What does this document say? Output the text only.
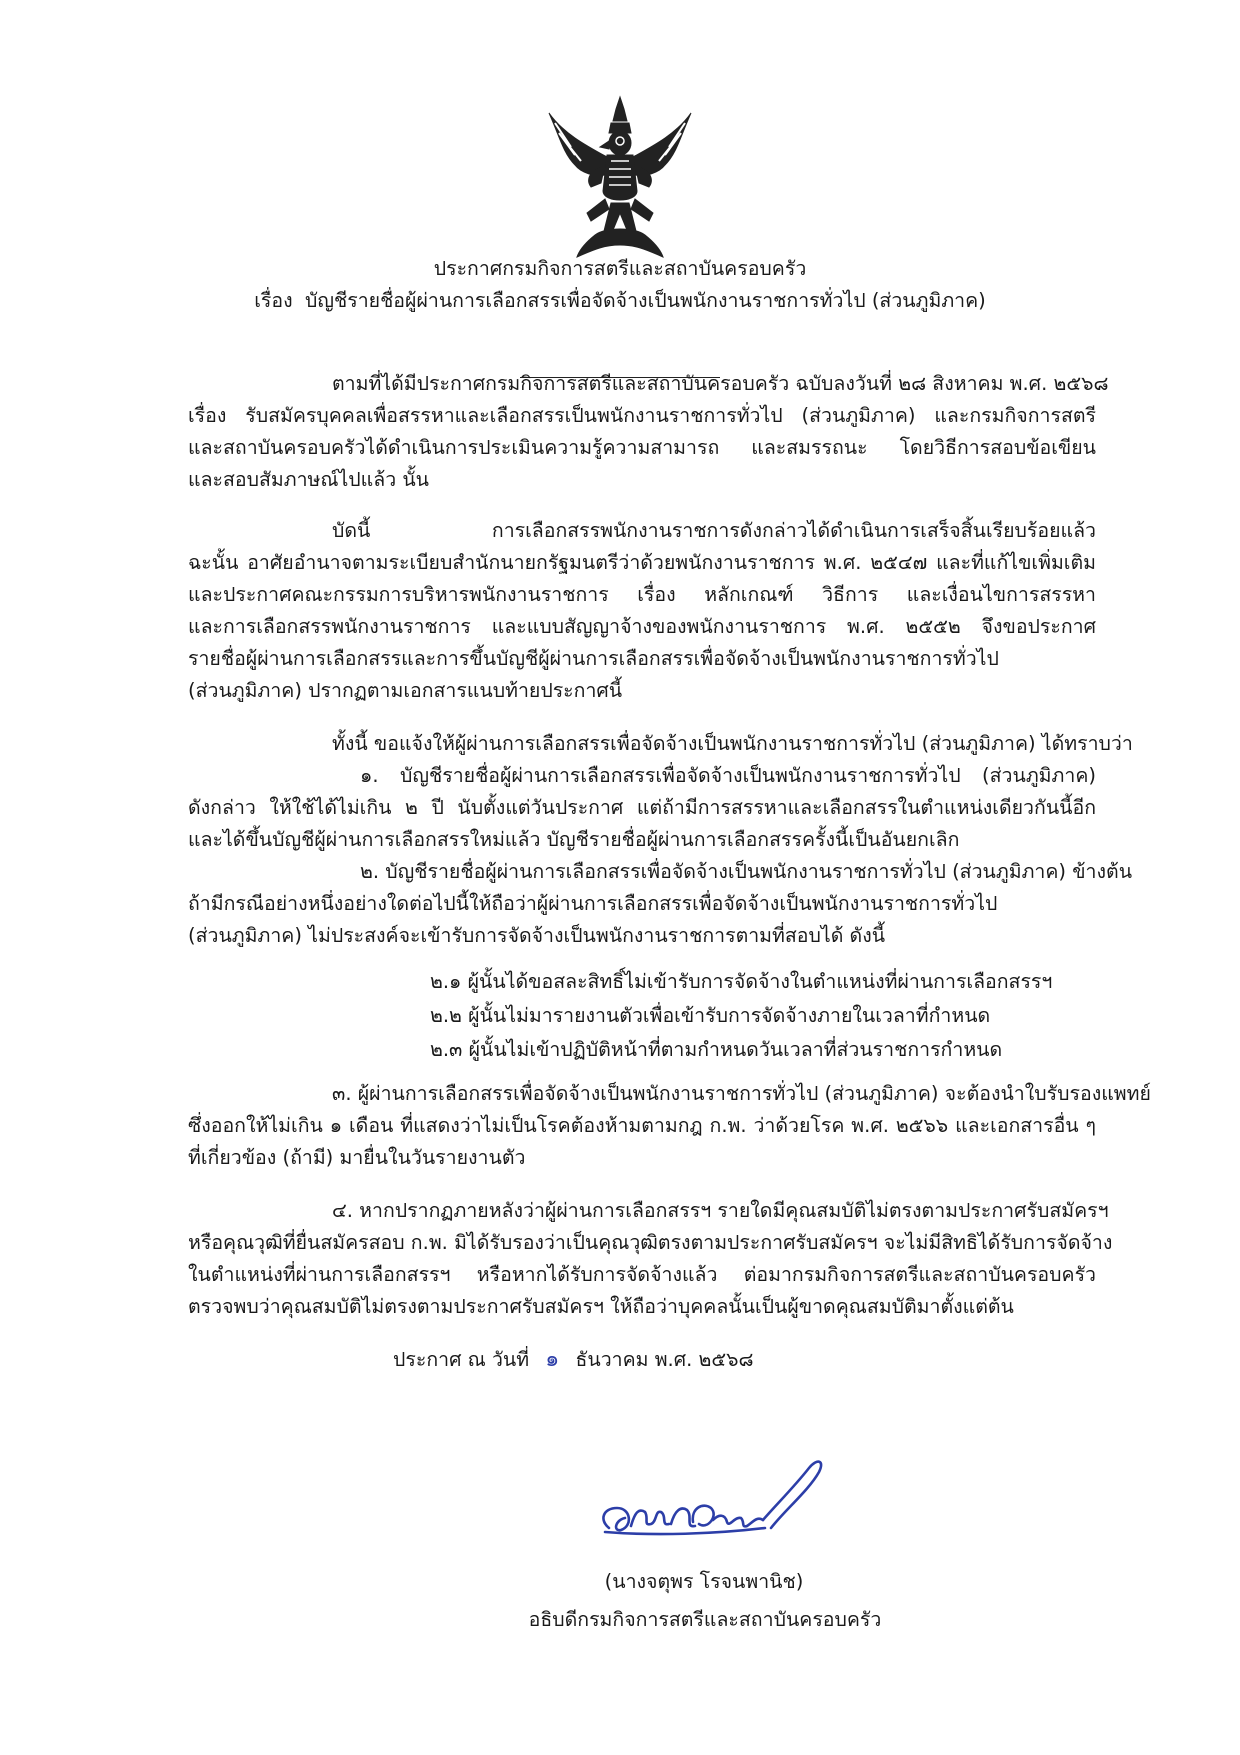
ประกาศกรมกิจการสตรีและสถาบันครอบครัว
เรื่อง บัญชีรายชื่อผู้ผ่านการเลือกสรรเพื่อจัดจ้างเป็นพนักงานราชการทั่วไป (ส่วนภูมิภาค)
ตามที่ได้มีประกาศกรมกิจการสตรีและสถาบันครอบครัว ฉบับลงวันที่ ๒๘ สิงหาคม พ.ศ. ๒๕๖๘
เรื่อง รับสมัครบุคคลเพื่อสรรหาและเลือกสรรเป็นพนักงานราชการทั่วไป (ส่วนภูมิภาค) และกรมกิจการสตรี
และสถาบันครอบครัวได้ดำเนินการประเมินความรู้ความสามารถ และสมรรถนะ โดยวิธีการสอบข้อเขียน
และสอบสัมภาษณ์ไปแล้ว นั้น
บัดนี้ การเลือกสรรพนักงานราชการดังกล่าวได้ดำเนินการเสร็จสิ้นเรียบร้อยแล้ว
ฉะนั้น อาศัยอำนาจตามระเบียบสำนักนายกรัฐมนตรีว่าด้วยพนักงานราชการ พ.ศ. ๒๕๔๗ และที่แก้ไขเพิ่มเติม
และประกาศคณะกรรมการบริหารพนักงานราชการ เรื่อง หลักเกณฑ์ วิธีการ และเงื่อนไขการสรรหา
และการเลือกสรรพนักงานราชการ และแบบสัญญาจ้างของพนักงานราชการ พ.ศ. ๒๕๕๒ จึงขอประกาศ
รายชื่อผู้ผ่านการเลือกสรรและการขึ้นบัญชีผู้ผ่านการเลือกสรรเพื่อจัดจ้างเป็นพนักงานราชการทั่วไป
(ส่วนภูมิภาค) ปรากฏตามเอกสารแนบท้ายประกาศนี้
ทั้งนี้ ขอแจ้งให้ผู้ผ่านการเลือกสรรเพื่อจัดจ้างเป็นพนักงานราชการทั่วไป (ส่วนภูมิภาค) ได้ทราบว่า
๑. บัญชีรายชื่อผู้ผ่านการเลือกสรรเพื่อจัดจ้างเป็นพนักงานราชการทั่วไป (ส่วนภูมิภาค)
ดังกล่าว ให้ใช้ได้ไม่เกิน ๒ ปี นับตั้งแต่วันประกาศ แต่ถ้ามีการสรรหาและเลือกสรรในตำแหน่งเดียวกันนี้อีก
และได้ขึ้นบัญชีผู้ผ่านการเลือกสรรใหม่แล้ว บัญชีรายชื่อผู้ผ่านการเลือกสรรครั้งนี้เป็นอันยกเลิก
๒. บัญชีรายชื่อผู้ผ่านการเลือกสรรเพื่อจัดจ้างเป็นพนักงานราชการทั่วไป (ส่วนภูมิภาค) ข้างต้น
ถ้ามีกรณีอย่างหนึ่งอย่างใดต่อไปนี้ให้ถือว่าผู้ผ่านการเลือกสรรเพื่อจัดจ้างเป็นพนักงานราชการทั่วไป
(ส่วนภูมิภาค) ไม่ประสงค์จะเข้ารับการจัดจ้างเป็นพนักงานราชการตามที่สอบได้ ดังนี้
๒.๑ ผู้นั้นได้ขอสละสิทธิ์ไม่เข้ารับการจัดจ้างในตำแหน่งที่ผ่านการเลือกสรรฯ
๒.๒ ผู้นั้นไม่มารายงานตัวเพื่อเข้ารับการจัดจ้างภายในเวลาที่กำหนด
๒.๓ ผู้นั้นไม่เข้าปฏิบัติหน้าที่ตามกำหนดวันเวลาที่ส่วนราชการกำหนด
๓. ผู้ผ่านการเลือกสรรเพื่อจัดจ้างเป็นพนักงานราชการทั่วไป (ส่วนภูมิภาค) จะต้องนำใบรับรองแพทย์
ซึ่งออกให้ไม่เกิน ๑ เดือน ที่แสดงว่าไม่เป็นโรคต้องห้ามตามกฎ ก.พ. ว่าด้วยโรค พ.ศ. ๒๕๖๖ และเอกสารอื่น ๆ
ที่เกี่ยวข้อง (ถ้ามี) มายื่นในวันรายงานตัว
๔. หากปรากฏภายหลังว่าผู้ผ่านการเลือกสรรฯ รายใดมีคุณสมบัติไม่ตรงตามประกาศรับสมัครฯ
หรือคุณวุฒิที่ยื่นสมัครสอบ ก.พ. มิได้รับรองว่าเป็นคุณวุฒิตรงตามประกาศรับสมัครฯ จะไม่มีสิทธิได้รับการจัดจ้าง
ในตำแหน่งที่ผ่านการเลือกสรรฯ หรือหากได้รับการจัดจ้างแล้ว ต่อมากรมกิจการสตรีและสถาบันครอบครัว
ตรวจพบว่าคุณสมบัติไม่ตรงตามประกาศรับสมัครฯ ให้ถือว่าบุคคลนั้นเป็นผู้ขาดคุณสมบัติมาตั้งแต่ต้น
ประกาศ ณ วันที่ ๑ ธันวาคม พ.ศ. ๒๕๖๘
(นางจตุพร โรจนพานิช)
อธิบดีกรมกิจการสตรีและสถาบันครอบครัว
